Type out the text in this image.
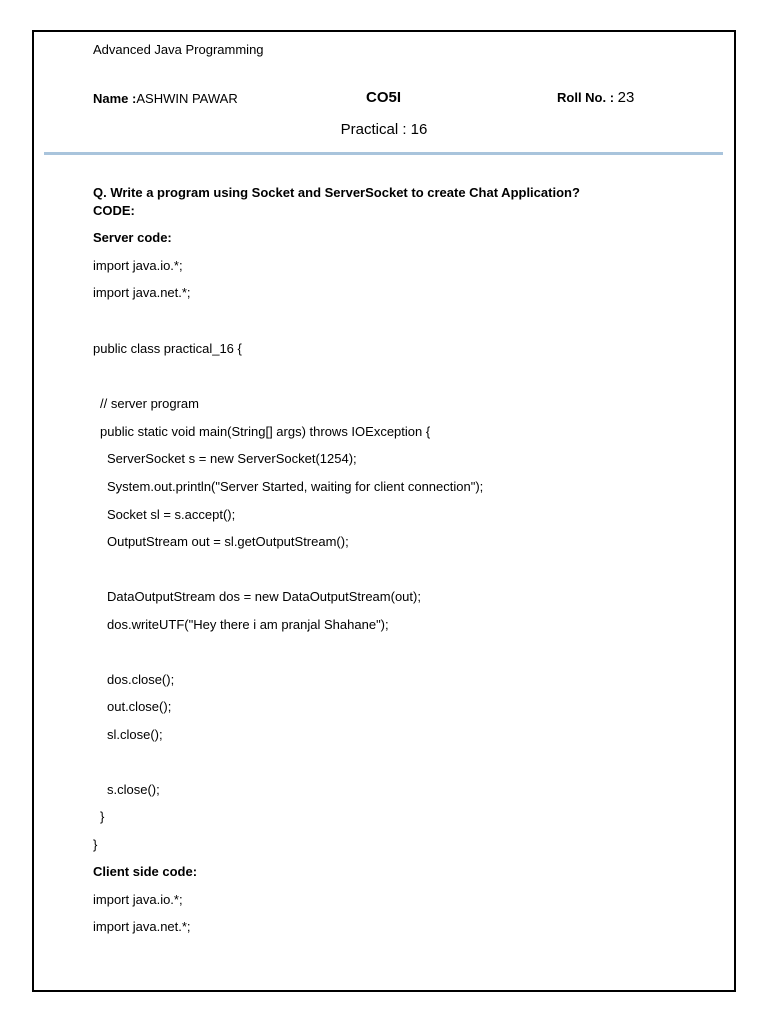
Advanced Java Programming
Name :ASHWIN PAWAR	CO5I	Roll No. : 23
Practical : 16
Q. Write a program using Socket and ServerSocket to create Chat Application?
CODE:
Server code:
import java.io.*;
import java.net.*;
public class practical_16 {
// server program
public static void main(String[] args) throws IOException {
ServerSocket s = new ServerSocket(1254);
System.out.println("Server Started, waiting for client connection");
Socket sl = s.accept();
OutputStream out = sl.getOutputStream();
DataOutputStream dos = new DataOutputStream(out);
dos.writeUTF("Hey there i am pranjal Shahane");
dos.close();
out.close();
sl.close();
s.close();
}
}
Client side code:
import java.io.*;
import java.net.*;
